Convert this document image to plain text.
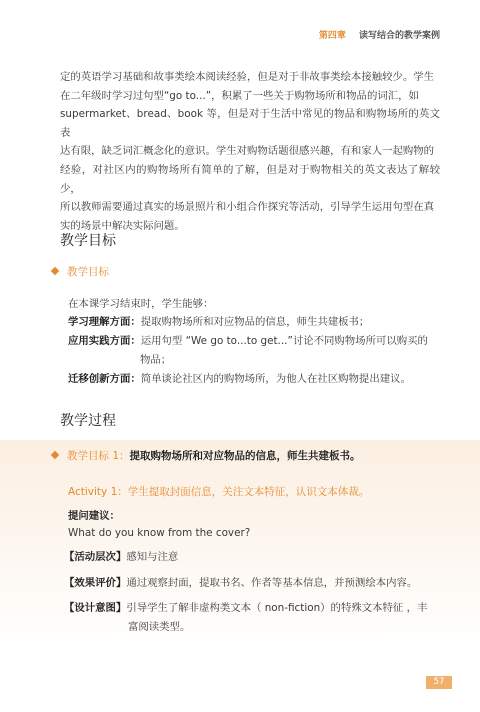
第四章 读写结合的教学案例
定的英语学习基础和故事类绘本阅读经验，但是对于非故事类绘本接触较少。学生
在二年级时学习过句型“go to...”，积累了一些关于购物场所和物品的词汇，如
supermarket、bread、book 等，但是对于生活中常见的物品和购物场所的英文表
达有限，缺乏词汇概念化的意识。学生对购物话题很感兴趣，有和家人一起购物的
经验，对社区内的购物场所有简单的了解，但是对于购物相关的英文表达了解较少，
所以教师需要通过真实的场景照片和小组合作探究等活动，引导学生运用句型在真
实的场景中解决实际问题。
教学目标
教学目标
在本课学习结束时，学生能够：
学习理解方面：提取购物场所和对应物品的信息，师生共建板书；
应用实践方面：运用句型 “We go to...to get...”讨论不同购物场所可以购买的
物品；
迁移创新方面：简单谈论社区内的购物场所，为他人在社区购物提出建议。
教学过程
教学目标 1：提取购物场所和对应物品的信息，师生共建板书。
Activity 1：学生提取封面信息，关注文本特征，认识文本体裁。
提问建议：
What do you know from the cover?
【活动层次】感知与注意
【效果评价】通过观察封面，提取书名、作者等基本信息，并预测绘本内容。
【设计意图】引导学生了解非虚构类文本（ non-fiction）的特殊文本特征 ，丰
富阅读类型。
57
